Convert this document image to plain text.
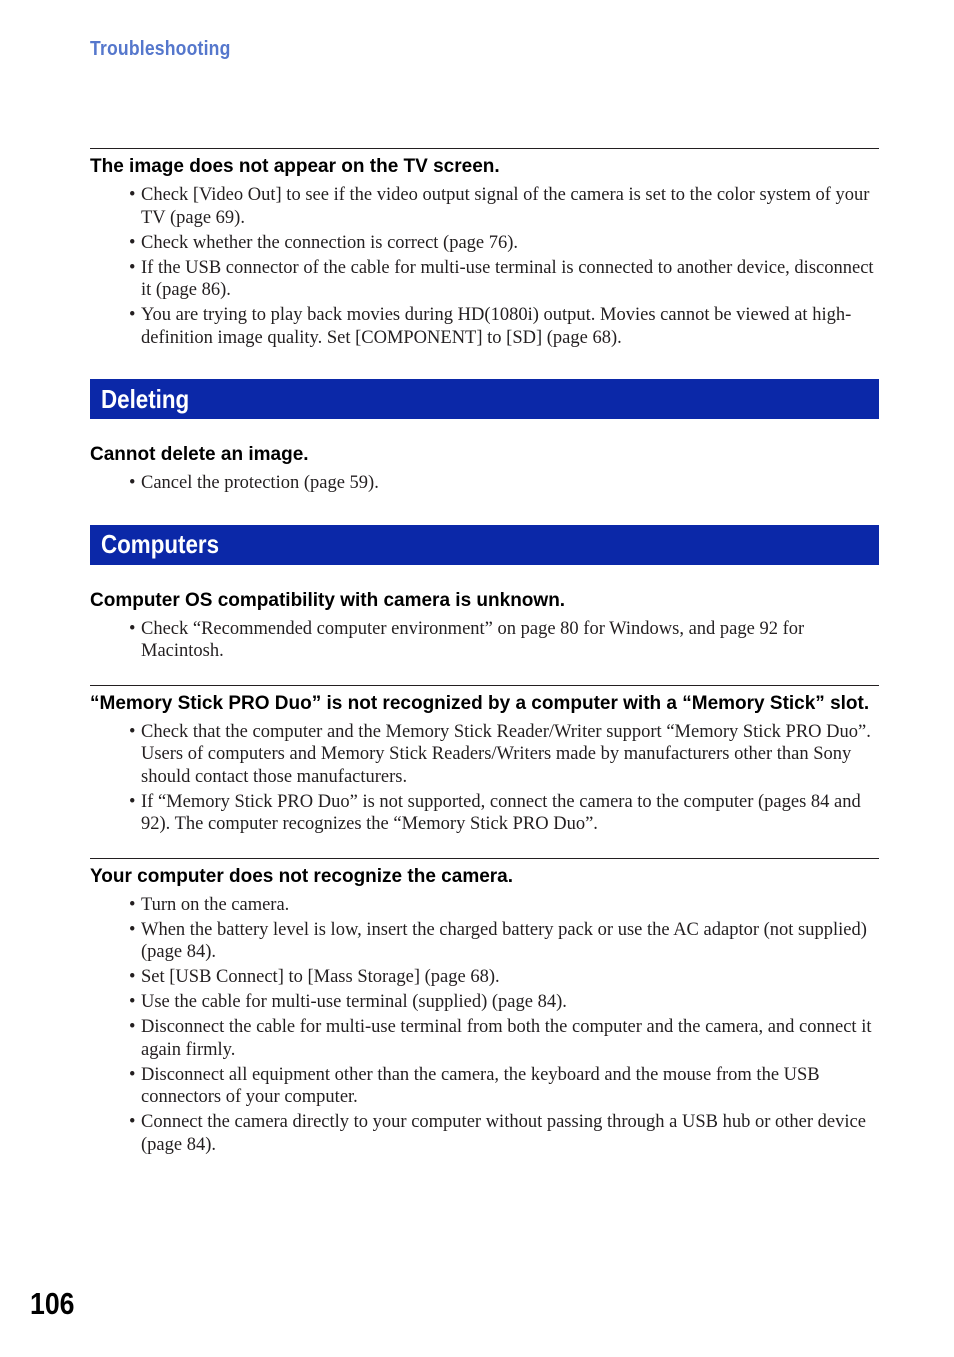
Troubleshooting
The image does not appear on the TV screen.
• Check [Video Out] to see if the video output signal of the camera is set to the color system of your TV (page 69).
• Check whether the connection is correct (page 76).
• If the USB connector of the cable for multi-use terminal is connected to another device, disconnect it (page 86).
• You are trying to play back movies during HD(1080i) output. Movies cannot be viewed at high-definition image quality. Set [COMPONENT] to [SD] (page 68).
Deleting
Cannot delete an image.
• Cancel the protection (page 59).
Computers
Computer OS compatibility with camera is unknown.
• Check “Recommended computer environment” on page 80 for Windows, and page 92 for Macintosh.
“Memory Stick PRO Duo” is not recognized by a computer with a “Memory Stick” slot.
• Check that the computer and the Memory Stick Reader/Writer support “Memory Stick PRO Duo”. Users of computers and Memory Stick Readers/Writers made by manufacturers other than Sony should contact those manufacturers.
• If “Memory Stick PRO Duo” is not supported, connect the camera to the computer (pages 84 and 92). The computer recognizes the “Memory Stick PRO Duo”.
Your computer does not recognize the camera.
• Turn on the camera.
• When the battery level is low, insert the charged battery pack or use the AC adaptor (not supplied) (page 84).
• Set [USB Connect] to [Mass Storage] (page 68).
• Use the cable for multi-use terminal (supplied) (page 84).
• Disconnect the cable for multi-use terminal from both the computer and the camera, and connect it again firmly.
• Disconnect all equipment other than the camera, the keyboard and the mouse from the USB connectors of your computer.
• Connect the camera directly to your computer without passing through a USB hub or other device (page 84).
106
